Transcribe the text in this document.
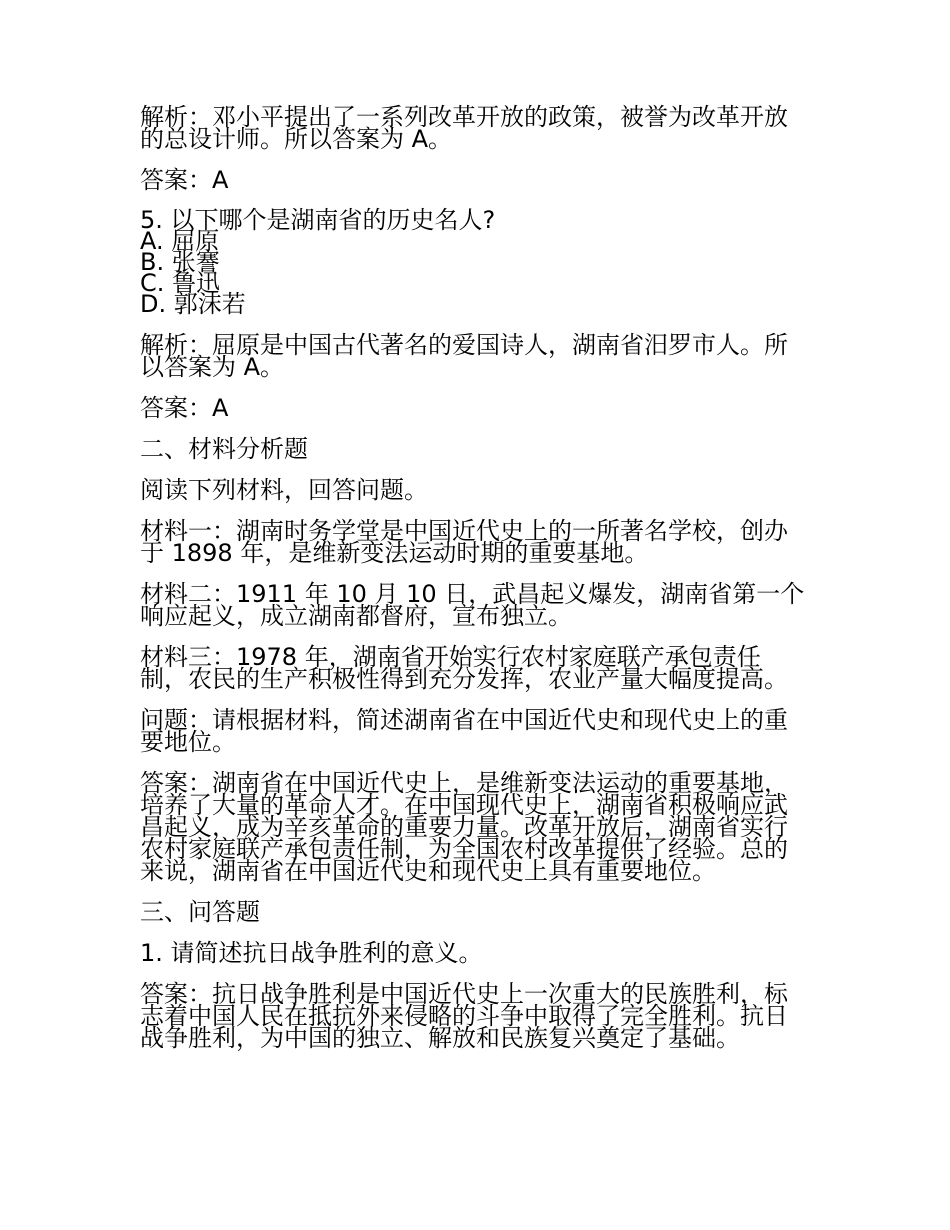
解析：邓小平提出了一系列改革开放的政策，被誉为改革开放
的总设计师。所以答案为 A。
答案：A
5. 以下哪个是湖南省的历史名人?
A. 屈原
B. 张謇
C. 鲁迅
D. 郭沫若
解析：屈原是中国古代著名的爱国诗人，湖南省汨罗市人。所
以答案为 A。
答案：A
二、材料分析题
阅读下列材料，回答问题。
材料一：湖南时务学堂是中国近代史上的一所著名学校，创办
于 1898 年，是维新变法运动时期的重要基地。
材料二：1911 年 10 月 10 日，武昌起义爆发，湖南省第一个
响应起义，成立湖南都督府，宣布独立。
材料三：1978 年，湖南省开始实行农村家庭联产承包责任
制，农民的生产积极性得到充分发挥，农业产量大幅度提高。
问题：请根据材料，简述湖南省在中国近代史和现代史上的重
要地位。
答案：湖南省在中国近代史上，是维新变法运动的重要基地，
培养了大量的革命人才。在中国现代史上，湖南省积极响应武
昌起义，成为辛亥革命的重要力量。改革开放后，湖南省实行
农村家庭联产承包责任制，为全国农村改革提供了经验。总的
来说，湖南省在中国近代史和现代史上具有重要地位。
三、问答题
1. 请简述抗日战争胜利的意义。
答案：抗日战争胜利是中国近代史上一次重大的民族胜利，标
志着中国人民在抵抗外来侵略的斗争中取得了完全胜利。抗日
战争胜利，为中国的独立、解放和民族复兴奠定了基础。
